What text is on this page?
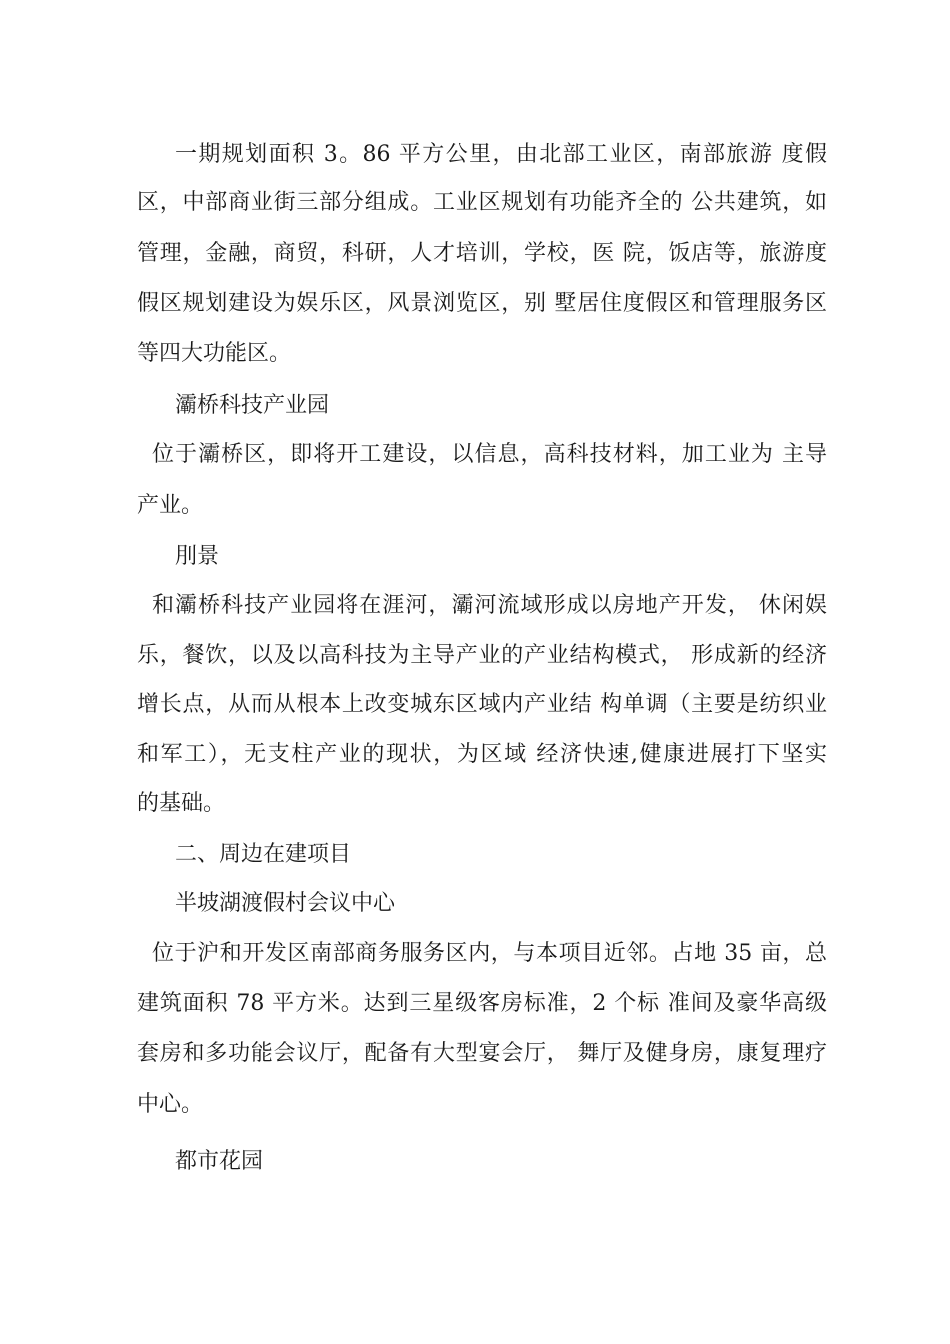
一期规划面积 3。86 平方公里，由北部工业区，南部旅游 度假
区，中部商业街三部分组成。工业区规划有功能齐全的 公共建筑，如
管理，金融，商贸，科研，人才培训，学校，医 院，饭店等，旅游度
假区规划建设为娱乐区，风景浏览区，别 墅居住度假区和管理服务区
等四大功能区。
灞桥科技产业园
位于灞桥区，即将开工建设，以信息，高科技材料，加工业为 主导
产业。
刖景
和灞桥科技产业园将在涯河，灞河流域形成以房地产开发， 休闲娱
乐，餐饮，以及以高科技为主导产业的产业结构模式， 形成新的经济
增长点，从而从根本上改变城东区域内产业结 构单调（主要是纺织业
和军工），无支柱产业的现状，为区域 经济快速,健康进展打下坚实
的基础。
二、周边在建项目
半坡湖渡假村会议中心
位于沪和开发区南部商务服务区内，与本项目近邻。占地 35 亩，总
建筑面积 78 平方米。达到三星级客房标准，2 个标 准间及豪华高级
套房和多功能会议厅，配备有大型宴会厅， 舞厅及健身房，康复理疗
中心。
都市花园
